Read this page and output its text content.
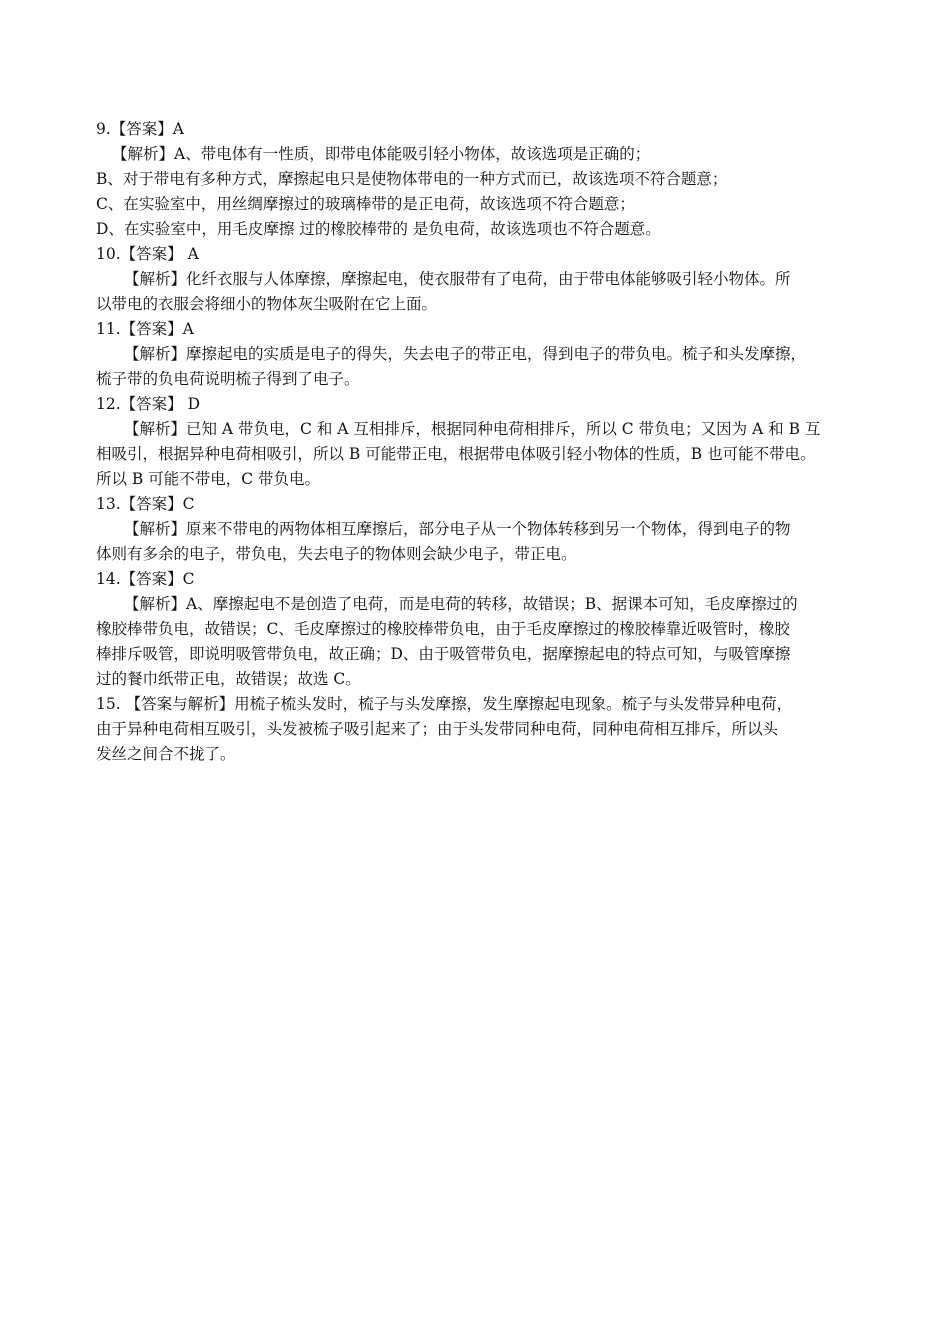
9.【答案】A
【解析】A、带电体有一性质，即带电体能吸引轻小物体，故该选项是正确的；
B、对于带电有多种方式，摩擦起电只是使物体带电的一种方式而已，故该选项不符合题意；
C、在实验室中，用丝绸摩擦过的玻璃棒带的是正电荷，故该选项不符合题意；
D、在实验室中，用毛皮摩擦 过的橡胶棒带的 是负电荷，故该选项也不符合题意。
10.【答案】 A
【解析】化纤衣服与人体摩擦，摩擦起电，使衣服带有了电荷，由于带电体能够吸引轻小物体。所
以带电的衣服会将细小的物体灰尘吸附在它上面。
11.【答案】A
【解析】摩擦起电的实质是电子的得失，失去电子的带正电，得到电子的带负电。梳子和头发摩擦，
梳子带的负电荷说明梳子得到了电子。
12.【答案】 D
【解析】已知 A 带负电，C 和 A 互相排斥，根据同种电荷相排斥，所以 C 带负电；又因为 A 和 B 互
相吸引，根据异种电荷相吸引，所以 B 可能带正电，根据带电体吸引轻小物体的性质，B 也可能不带电。
所以 B 可能不带电，C 带负电。
13.【答案】C
【解析】原来不带电的两物体相互摩擦后，部分电子从一个物体转移到另一个物体，得到电子的物
体则有多余的电子，带负电，失去电子的物体则会缺少电子，带正电。
14.【答案】C
【解析】A、摩擦起电不是创造了电荷，而是电荷的转移，故错误；B、据课本可知，毛皮摩擦过的
橡胶棒带负电，故错误；C、毛皮摩擦过的橡胶棒带负电，由于毛皮摩擦过的橡胶棒靠近吸管时，橡胶
棒排斥吸管，即说明吸管带负电，故正确；D、由于吸管带负电，据摩擦起电的特点可知，与吸管摩擦
过的餐巾纸带正电，故错误；故选 C。
15. 【答案与解析】用梳子梳头发时，梳子与头发摩擦，发生摩擦起电现象。梳子与头发带异种电荷，
由于异种电荷相互吸引，头发被梳子吸引起来了；由于头发带同种电荷，同种电荷相互排斥，所以头
发丝之间合不拢了。
